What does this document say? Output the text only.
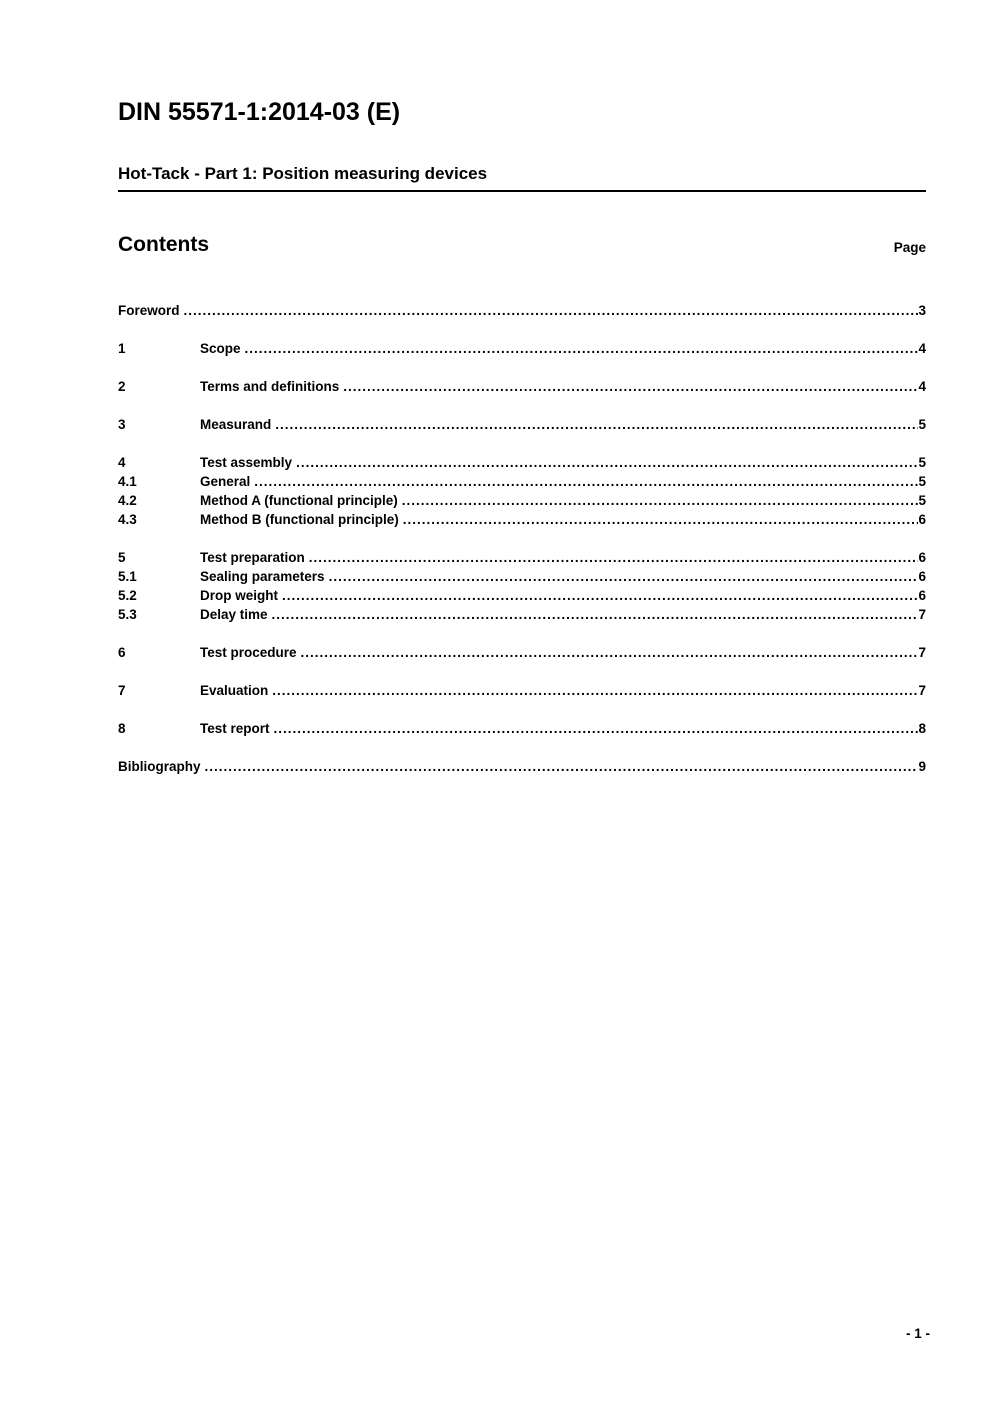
DIN 55571-1:2014-03 (E)
Hot-Tack - Part 1: Position measuring devices
Contents	Page
Foreword .....	3
1	Scope .....	4
2	Terms and definitions .....	4
3	Measurand .....	5
4	Test assembly .....	5
4.1	General .....	5
4.2	Method A (functional principle) .....	5
4.3	Method B (functional principle) .....	6
5	Test preparation .....	6
5.1	Sealing parameters .....	6
5.2	Drop weight .....	6
5.3	Delay time .....	7
6	Test procedure .....	7
7	Evaluation .....	7
8	Test report .....	8
Bibliography .....	9
- 1 -
